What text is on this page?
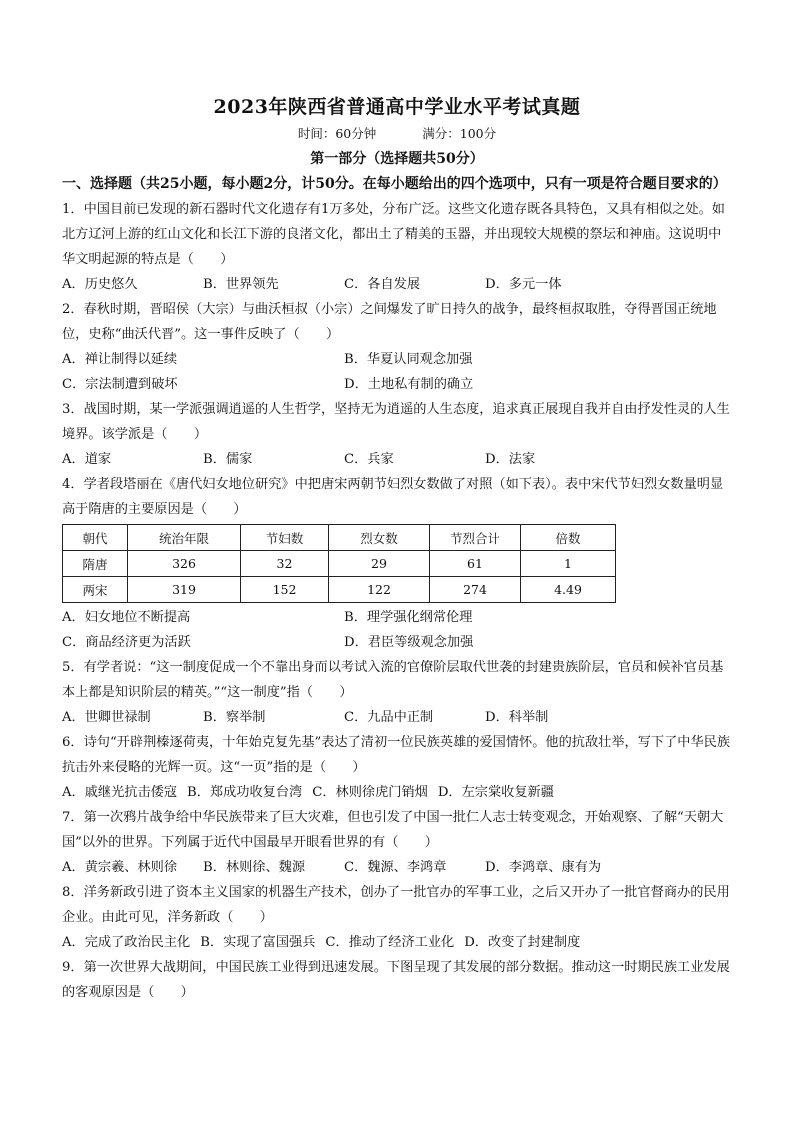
2023年陕西省普通高中学业水平考试真题
时间：60分钟	满分：100分
第一部分（选择题共50分）
一、选择题（共25小题，每小题2分，计50分。在每小题给出的四个选项中，只有一项是符合题目要求的）
1．中国目前已发现的新石器时代文化遗存有1万多处，分布广泛。这些文化遗存既各具特色，又具有相似之处。如北方辽河上游的红山文化和长江下游的良渚文化，都出土了精美的玉器，并出现较大规模的祭坛和神庙。这说明中华文明起源的特点是（　　）
A．历史悠久	B．世界领先	C．各自发展	D．多元一体
2．春秋时期，晋昭侯（大宗）与曲沃桓叔（小宗）之间爆发了旷日持久的战争，最终桓叔取胜，夺得晋国正统地位，史称“曲沃代晋”。这一事件反映了（　　）
A．禅让制得以延续	B．华夏认同观念加强
C．宗法制遭到破坏	D．土地私有制的确立
3．战国时期，某一学派强调逍遥的人生哲学，坚持无为逍遥的人生态度，追求真正展现自我并自由抒发性灵的人生境界。该学派是（　　）
A．道家	B．儒家	C．兵家	D．法家
4．学者段塔丽在《唐代妇女地位研究》中把唐宋两朝节妇烈女数做了对照（如下表）。表中宋代节妇烈女数量明显高于隋唐的主要原因是（　　）
朝代	统治年限	节妇数	烈女数	节烈合计	倍数
隋唐	326	32	29	61	1
两宋	319	152	122	274	4.49
A．妇女地位不断提高	B．理学强化纲常伦理
C．商品经济更为活跃	D．君臣等级观念加强
5．有学者说：“这一制度促成一个不靠出身而以考试入流的官僚阶层取代世袭的封建贵族阶层，官员和候补官员基本上都是知识阶层的精英。”“这一制度”指（　　）
A．世卿世禄制	B．察举制	C．九品中正制	D．科举制
6．诗句“开辟荆榛逐荷夷，十年始克复先基”表达了清初一位民族英雄的爱国情怀。他的抗敌壮举，写下了中华民族抗击外来侵略的光辉一页。这“一页”指的是（　　）
A．戚继光抗击倭寇 B．郑成功收复台湾 C．林则徐虎门销烟 D．左宗棠收复新疆
7．第一次鸦片战争给中华民族带来了巨大灾难，但也引发了中国一批仁人志士转变观念，开始观察、了解“天朝大国”以外的世界。下列属于近代中国最早开眼看世界的有（　　）
A．黄宗羲、林则徐	B．林则徐、魏源	C．魏源、李鸿章	D．李鸿章、康有为
8．洋务新政引进了资本主义国家的机器生产技术，创办了一批官办的军事工业，之后又开办了一批官督商办的民用企业。由此可见，洋务新政（　　）
A．完成了政治民主化 B．实现了富国强兵 C．推动了经济工业化 D．改变了封建制度
9．第一次世界大战期间，中国民族工业得到迅速发展。下图呈现了其发展的部分数据。推动这一时期民族工业发展的客观原因是（　　）
